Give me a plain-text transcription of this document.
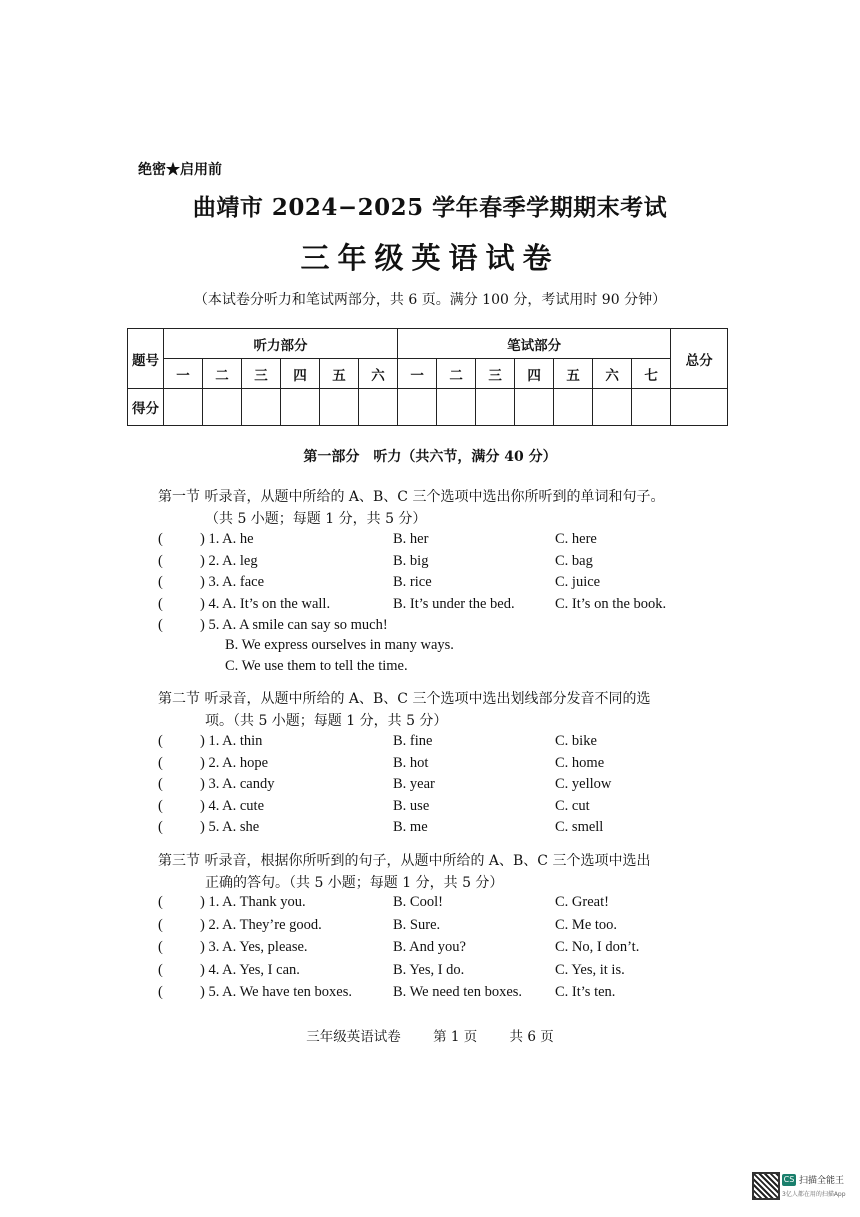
绝密★启用前
曲靖市 2024−2025 学年春季学期期末考试
三年级英语试卷
（本试卷分听力和笔试两部分，共 6 页。满分 100 分，考试用时 90 分钟）
题号	听力部分						笔试部分							总分
	一	二	三	四	五	六	一	二	三	四	五	六	七	
得分														
第一部分　听力（共六节，满分 40 分）
第一节 听录音，从题中所给的 A、B、C 三个选项中选出你所听到的单词和句子。
（共 5 小题；每题 1 分，共 5 分）
(	) 1. A. he	B. her	C. here
(	) 2. A. leg	B. big	C. bag
(	) 3. A. face	B. rice	C. juice
(	) 4. A. It’s on the wall.	B. It’s under the bed.	C. It’s on the book.
(	) 5. A. A smile can say so much!
B. We express ourselves in many ways.
C. We use them to tell the time.
第二节 听录音，从题中所给的 A、B、C 三个选项中选出划线部分发音不同的选
项。（共 5 小题；每题 1 分，共 5 分）
(	) 1. A. thin	B. fine	C. bike
(	) 2. A. hope	B. hot	C. home
(	) 3. A. candy	B. year	C. yellow
(	) 4. A. cute	B. use	C. cut
(	) 5. A. she	B. me	C. smell
第三节 听录音，根据你所听到的句子，从题中所给的 A、B、C 三个选项中选出
正确的答句。（共 5 小题；每题 1 分，共 5 分）
(	) 1. A. Thank you.	B. Cool!	C. Great!
(	) 2. A. They’re good.	B. Sure.	C. Me too.
(	) 3. A. Yes, please.	B. And you?	C. No, I don’t.
(	) 4. A. Yes, I can.	B. Yes, I do.	C. Yes, it is.
(	) 5. A. We have ten boxes.	B. We need ten boxes. C. It’s ten.
三年级英语试卷 第 1 页 共 6 页
CS 扫描全能王
3亿人都在用的扫描App
